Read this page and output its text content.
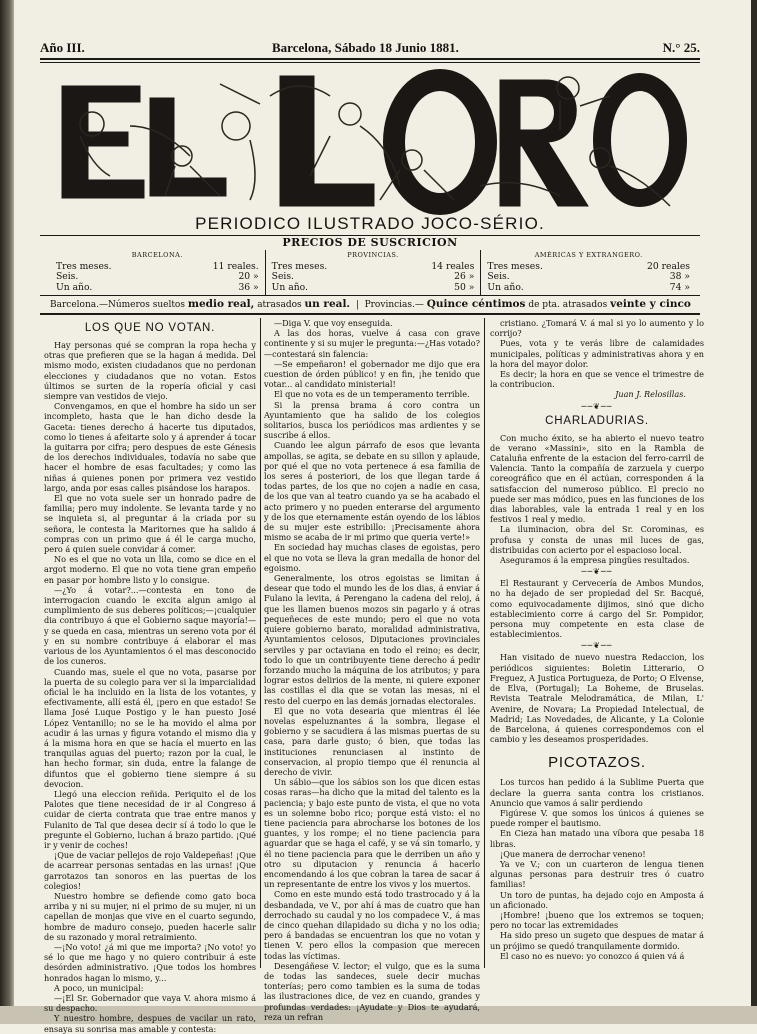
Año III.	Barcelona, Sábado 18 Junio 1881.	N.° 25.
PERIODICO ILUSTRADO JOCO-SÉRIO.
PRECIOS DE SUSCRICION
BARCELONA.
Tres meses.	11 reales.
Seis.	20 »
Un año.	36 »
PROVINCIAS.
Tres meses.	14 reales
Seis.	26 »
Un año.	50 »
AMÉRICAS Y EXTRANGERO.
Tres meses.	20 reales
Seis.	38 »
Un año.	74 »
Barcelona.—Números sueltos medio real, atrasados un real.  |  Provincias.— Quince céntimos de pta. atrasados veinte y cinco
LOS QUE NO VOTAN.

Hay personas qué se compran la ropa hecha y otras que prefieren que se la hagan á medida. Del mismo modo, existen ciudadanos que no perdonan elecciones y ciudadanos que no votan. Estos últimos se surten de la ropería oficial y casi siempre van vestidos de viejo.

Convengamos, en que el hombre ha sido un ser incompleto, hasta que le han dicho desde la Gaceta: tienes derecho á hacerte tus diputados, como lo tienes á afeitarte solo y á aprender á tocar la guitarra por cifra; pero despues de este Génesis de los derechos individuales, todavía no sabe que hacer el hombre de esas facultades; y como las niñas á quienes ponen por primera vez vestido largo, anda por esas calles pisándose los harapos.

El que no vota suele ser un honrado padre de familia; pero muy indolente. Se levanta tarde y no se inquieta si, al preguntar á la criada por su señora, le contesta la Maritornes que ha salido á compras con un primo que á él le carga mucho, pero á quien suele convidar á comer.

No es el que no vota un lila, como se dice en el argot moderno. El que no vota tiene gran empeño en pasar por hombre listo y lo consigue.

—¿Yo á votar?...—contesta en tono de interrogacion cuando le excita algun amigo al cumplimiento de sus deberes políticos;—¡cualquier dia contribuyo á que el Gobierno saque mayoría!—y se queda en casa, mientras un sereno vota por él y en su nombre contribuye á elaborar el mas various de los Ayuntamientos ó el mas desconocido de los cuneros.

Cuando mas, suele el que no vota, pasarse por la puerta de su colegio para ver si la imparcialidad oficial le ha incluido en la lista de los votantes, y efectivamente, allí está él, ¡pero en que estado! Se llama José Luque Postigo y le han puesto José López Ventanillo; no se le ha movido el alma por acudir á las urnas y figura votando el mismo dia y á la misma hora en que se hacía el muerto en las tranquilas aguas del puerto; razon por la cual, le han hecho formar, sin duda, entre la falange de difuntos que el gobierno tiene siempre á su devocion.

Llegó una eleccion reñida. Periquito el de los Palotes que tiene necesidad de ir al Congreso á cuidar de cierta contrata que trae entre manos y Fulanito de Tal que desea decir sí á todo lo que le pregunte el Gobierno, luchan á brazo partido. ¡Qué ir y venir de coches!

¡Que de vaciar pellejos de rojo Valdepeñas! ¡Que de acarrear personas sentadas en las urnas! ¡Que garrotazos tan sonoros en las puertas de los colegios!

Nuestro hombre se defiende como gato boca arriba y ni su mujer, ni el primo de su mujer, ni un capellan de monjas que vive en el cuarto segundo, hombre de maduro consejo, pueden hacerle salir de su razonado y moral retraimiento.

—¡No voto! ¿á mi que me importa? ¡No voto! yo sé lo que me hago y no quiero contribuir á este desórden administrativo. ¡Que todos los hombres honrados hagan lo mismo, y...

A poco, un municipal:

—¡El Sr. Gobernador que vaya V. ahora mismo á su despacho.

Y nuestro hombre, despues de vacilar un rato, ensaya su sonrisa mas amable y contesta:

—Diga V. que voy enseguida.

A las dos horas, vuelve á casa con grave continente y si su mujer le pregunta:—¿Has votado?—contestará sin falencia:

—Se empeñaron! el gobernador me dijo que era cuestion de órden público! y en fin, ¡he tenido que votar... al candidato ministerial!

El que no vota es de un temperamento terrible.

Si la prensa brama á coro contra un Ayuntamiento que ha salido de los colegios solitarios, busca los periódicos mas ardientes y se suscribe á ellos.

Cuando lee algun párrafo de esos que levanta ampollas, se agita, se debate en su sillon y aplaude, por qué el que no vota pertenece á esa familia de los seres á posteriori, de los que llegan tarde á todas partes, de los que no cojen a nadie en casa, de los que van al teatro cuando ya se ha acabado el acto primero y no pueden enterarse del argumento y de los que eternamente están oyendo de los lábios de su mujer este estribillo: ¡Precisamente ahora mismo se acaba de ir mi primo que queria verte!»

En sociedad hay muchas clases de egoistas, pero el que no vota se lleva la gran medalla de honor del egoismo.

Generalmente, los otros egoistas se limitan á desear que todo el mundo les de los dias, á enviar á Fulano la levita, á Perengano la cadena del reloj, á que les llamen buenos mozos sin pagarlo y á otras pequeñeces de este mundo; pero el que no vota quiere gobierno barato, moralidad administrativa, Ayuntamientos celosos, Diputaciones provinciales serviles y par octaviana en todo el reino; es decir, todo lo que un contribuyente tiene derecho á pedir forzando mucho la máquina de los atributos; y para lograr estos delirios de la mente, ni quiere exponer las costillas el dia que se votan las mesas, ni el resto del cuerpo en las demás jornadas electorales.

El que no vota desearia que mientras él lée novelas espeluznantes á la sombra, llegase el gobierno y se sacudiera á las mismas puertas de su casa, para darle gusto; ó bien, que todas las instituciones renunciasen al instinto de conservacion, al propio tiempo que él renuncia al derecho de vivir.

Un sábio—que los sábios son los que dicen estas cosas raras—ha dicho que la mitad del talento es la paciencia; y bajo este punto de vista, el que no vota es un solemne bobo rico; porque está visto: el no tiene paciencia para abrocharse los botones de los guantes, y los rompe; el no tiene paciencia para aguardar que se haga el café, y se vá sin tomarlo, y él no tiene paciencia para que le derriben un año y otro su diputacion y renuncia á hacerlo encomendando á los que cobran la tarea de sacar á un representante de entre los vivos y los muertos.

Como en este mundo está todo trastrocado y á la desbandada, ve V., por ahí á mas de cuatro que han derrochado su caudal y no los compadece V., á mas de cinco quehan dilapidado su dicha y no los odia; pero á bandadas se encuentran los que no votan y tienen V. pero ellos la compasion que merecen todas las víctimas.

Desengáñese V. lector; el vulgo, que es la suma de todas las sandeces, suele decir muchas tonterías; pero como tambien es la suma de todas las ilustraciones dice, de vez en cuando, grandes y profundas verdades: ¡Ayudate y Dios te ayudará, reza un refran

cristiano. ¿Tomará V. á mal si yo lo aumento y lo corrijo?

Pues, vota y te verás libre de calamidades municipales, políticas y administrativas ahora y en la hora del mayor dolor.

Es decir; la hora en que se vence el trimestre de la contribucion.

Juan J. Relosillas.

──❦──
CHARLADURIAS.

Con mucho éxito, se ha abierto el nuevo teatro de verano «Massini», sito en la Rambla de Cataluña enfrente de la estacion del ferro-carril de Valencia. Tanto la compañía de zarzuela y cuerpo coreográfico que en él actúan, corresponden á la satisfaccion del numeroso público. El precio no puede ser mas módico, pues en las funciones de los dias laborables, vale la entrada 1 real y en los festivos 1 real y medio.

La iluminacion, obra del Sr. Corominas, es profusa y consta de unas mil luces de gas, distribuidas con acierto por el espacioso local.

Aseguramos á la empresa pingües resultados.

──❦──

El Restaurant y Cervecería de Ambos Mundos, no ha dejado de ser propiedad del Sr. Bacqué, como equivocadamente dijimos, sinó que dicho establecimiento corre á cargo del Sr. Pompidor, persona muy competente en esta clase de establecimientos.

──❦──

Han visitado de nuevo nuestra Redaccion, los periódicos siguientes: Boletin Litterario, O Freguez, A Justica Portugueza, de Porto; O Elvense, de Elva, (Portugal); La Boheme, de Bruselas. Revista Teatrale Melodramática, de Milan, L' Avenire, de Novara; La Propiedad Intelectual, de Madrid; Las Novedades, de Alicante, y La Colonie de Barcelona, á quienes correspondemos con el cambio y les deseamos prosperidades.

PICOTAZOS.

Los turcos han pedido á la Sublime Puerta que declare la guerra santa contra los cristianos. Anuncio que vamos á salir perdiendo

Figúrese V. que somos los únicos á quienes se puede romper el bautismo.

En Cieza han matado una víbora que pesaba 18 libras.

¡Que manera de derrochar veneno!

Ya ve V.; con un cuarteron de lengua tienen algunas personas para destruir tres ó cuatro familias!

Un toro de puntas, ha dejado cojo en Amposta á un aficionado.

¡Hombre! ¡bueno que los extremos se toquen; pero no tocar las extremidades

Ha sido preso un sugeto que despues de matar á un prójimo se quedó tranquilamente dormido.

El caso no es nuevo: yo conozco á quien vá á
